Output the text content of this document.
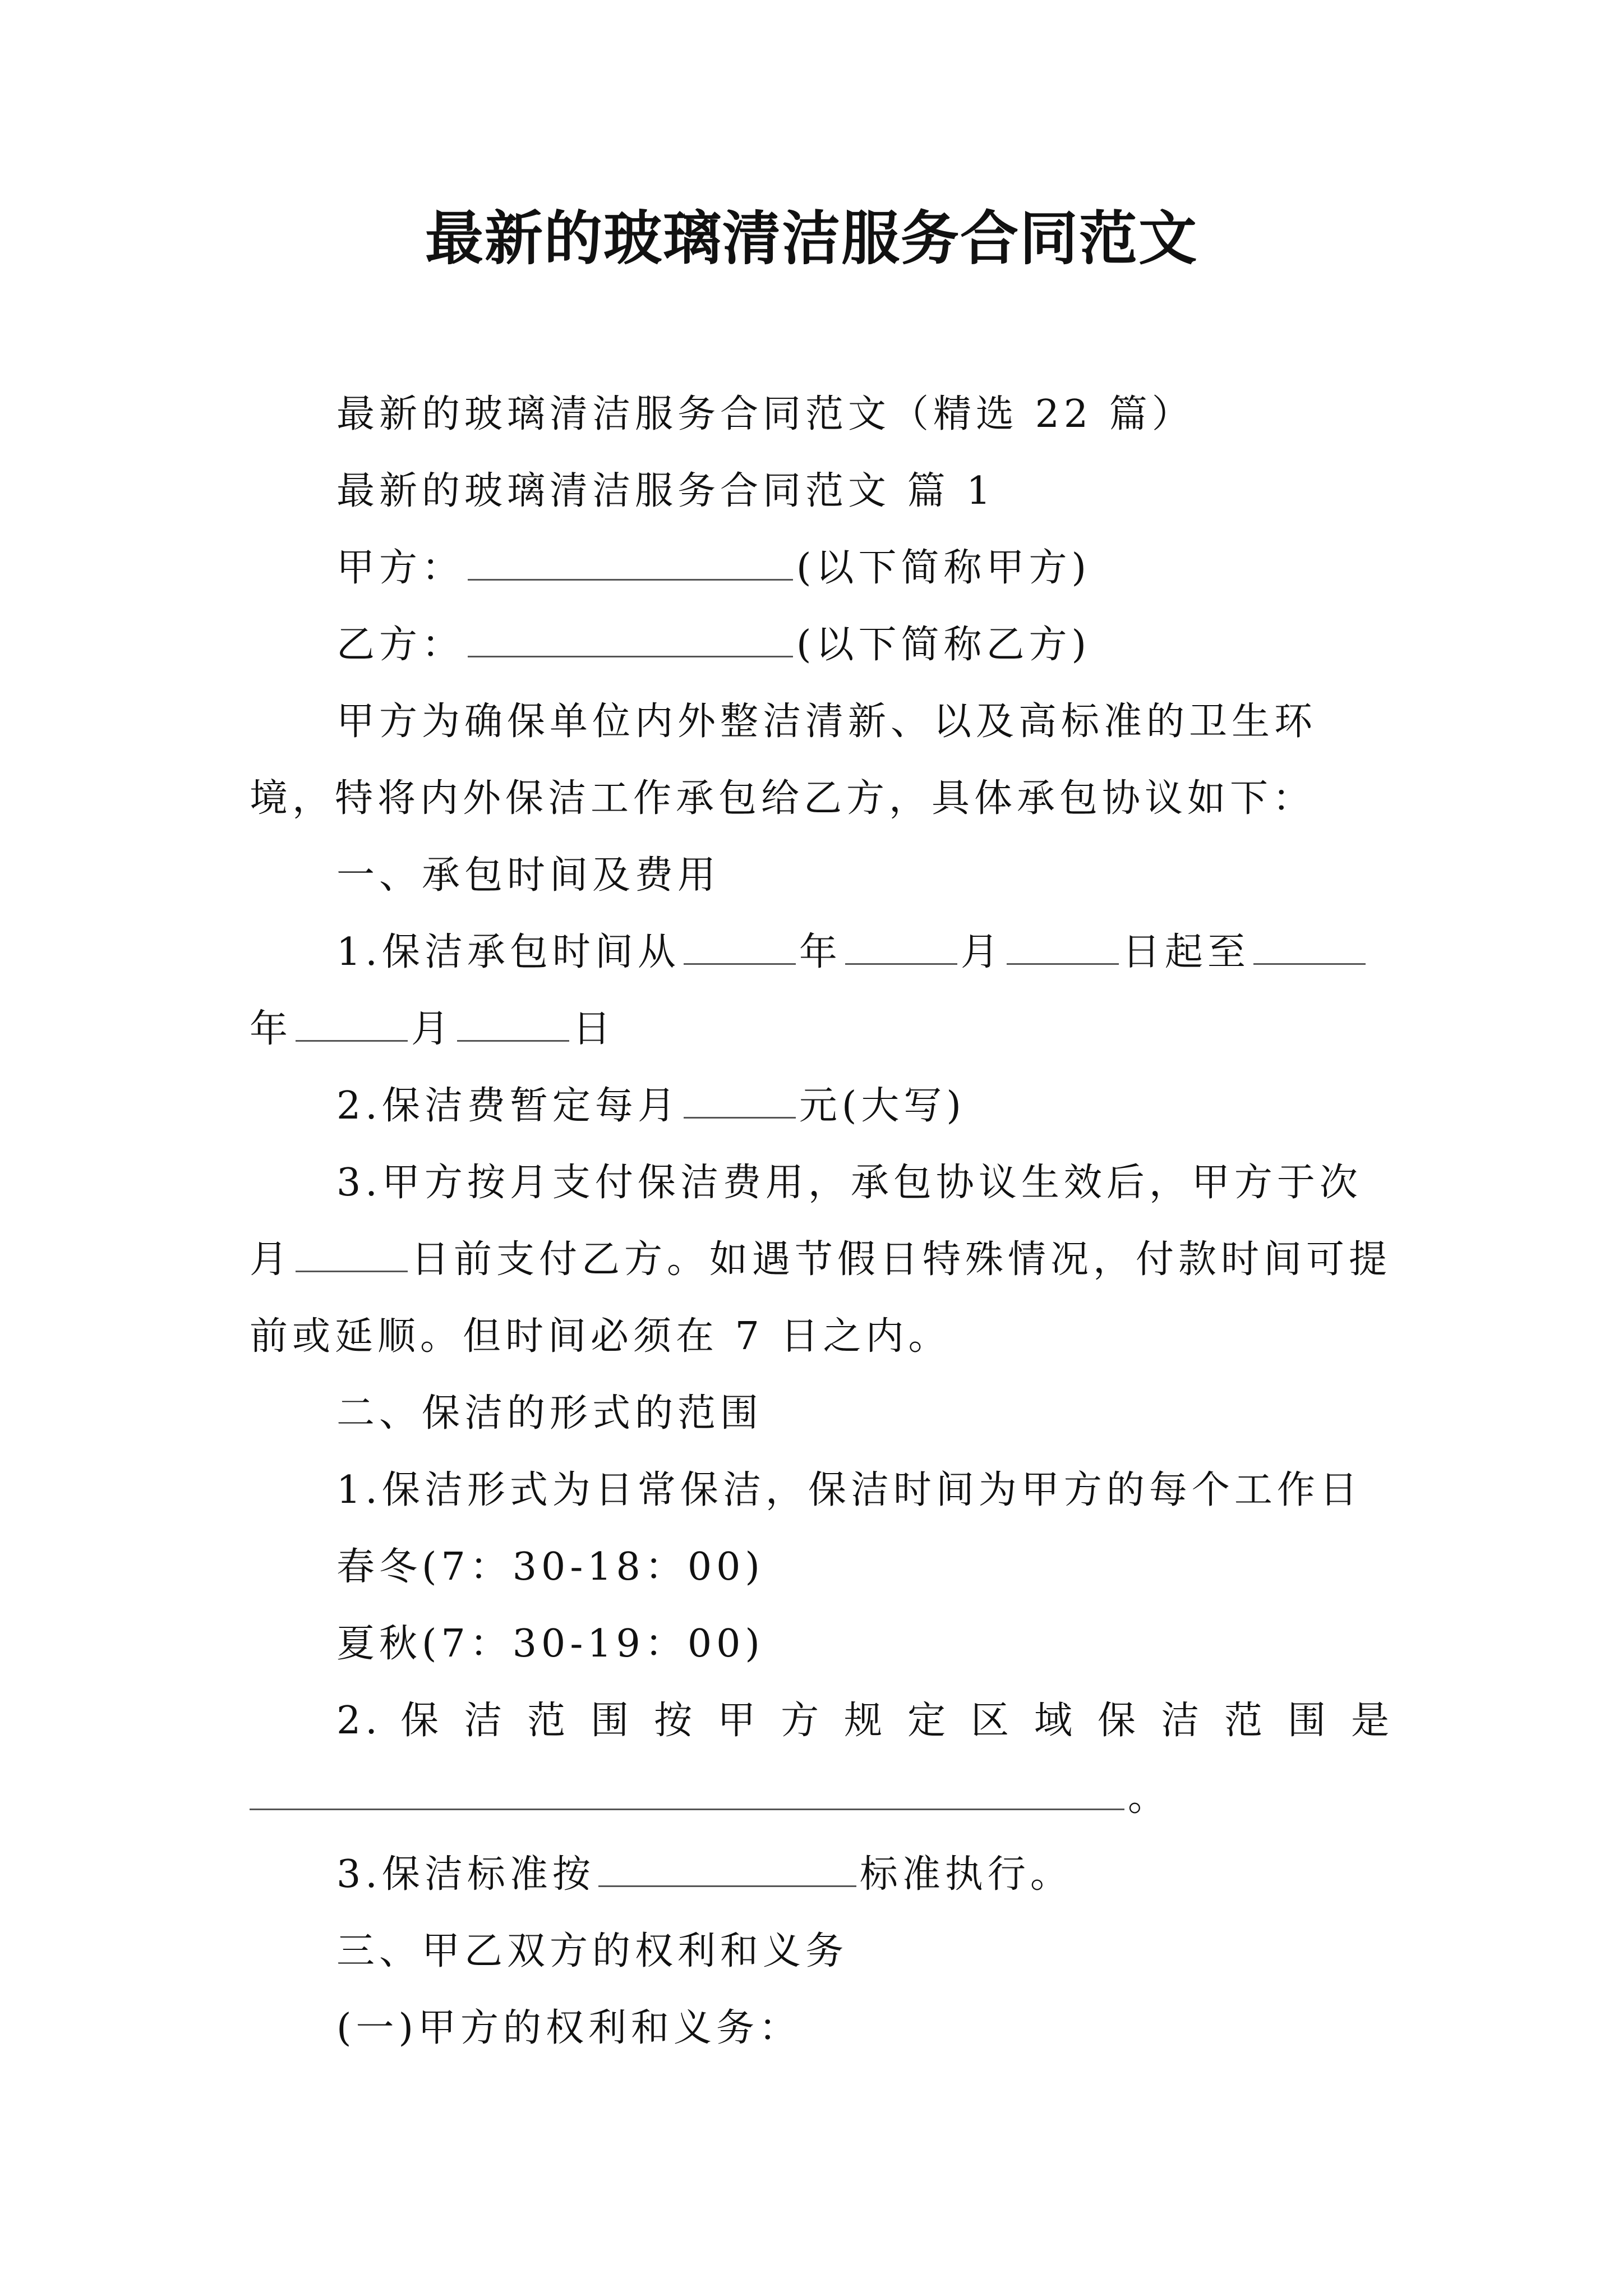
最新的玻璃清洁服务合同范文

最新的玻璃清洁服务合同范文（精选 22 篇）

最新的玻璃清洁服务合同范文 篇 1

甲方：	(以下简称甲方)

乙方：	(以下简称乙方)

甲方为确保单位内外整洁清新、以及高标准的卫生环境，特将内外保洁工作承包给乙方，具体承包协议如下：

一、承包时间及费用

1.保洁承包时间从	年	月	日起至年	月	日

2.保洁费暂定每月	元(大写)

3.甲方按月支付保洁费用，承包协议生效后，甲方于次月	日前支付乙方。如遇节假日特殊情况，付款时间可提前或延顺。但时间必须在 7 日之内。

二、保洁的形式的范围

1.保洁形式为日常保洁，保洁时间为甲方的每个工作日

春冬(7：30-18：00)

夏秋(7：30-19：00)

2. 保 洁 范 围 按 甲 方 规 定 区 域 保 洁 范 围 是

。

3.保洁标准按	标准执行。

三、甲乙双方的权利和义务

(一)甲方的权利和义务：
